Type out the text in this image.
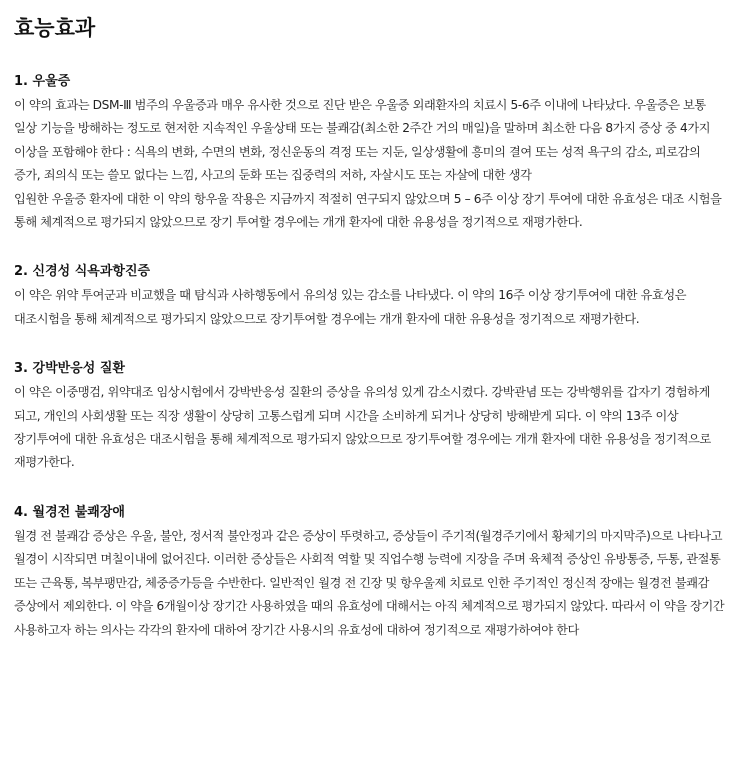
효능효과
1. 우울증

이 약의 효과는 DSM-Ⅲ 범주의 우울증과 매우 유사한 것으로 진단 받은 우울증 외래환자의 치료시 5-6주 이내에 나타났다. 우울증은 보통 일상 기능을 방해하는 정도로 현저한 지속적인 우울상태 또는 불쾌감(최소한 2주간 거의 매일)을 말하며 최소한 다음 8가지 증상 중 4가지 이상을 포함해야 한다 : 식욕의 변화, 수면의 변화, 정신운동의 격정 또는 지둔, 일상생활에 흥미의 결여 또는 성적 욕구의 감소, 피로감의 증가, 죄의식 또는 쓸모 없다는 느낌, 사고의 둔화 또는 집중력의 저하, 자살시도 또는 자살에 대한 생각

입원한 우울증 환자에 대한 이 약의 항우울 작용은 지금까지 적절히 연구되지 않았으며 5 – 6주 이상 장기 투여에 대한 유효성은 대조 시험을 통해 체계적으로 평가되지 않았으므로 장기 투여할 경우에는 개개 환자에 대한 유용성을 정기적으로 재평가한다.

2. 신경성 식욕과항진증

이 약은 위약 투여군과 비교했을 때 탐식과 사하행동에서 유의성 있는 감소를 나타냈다. 이 약의 16주 이상 장기투여에 대한 유효성은 대조시험을 통해 체계적으로 평가되지 않았으므로 장기투여할 경우에는 개개 환자에 대한 유용성을 정기적으로 재평가한다.

3. 강박반응성 질환

이 약은 이중맹검, 위약대조 임상시험에서 강박반응성 질환의 증상을 유의성 있게 감소시켰다. 강박관념 또는 강박행위를 갑자기 경험하게 되고, 개인의 사회생활 또는 직장 생활이 상당히 고통스럽게 되며 시간을 소비하게 되거나 상당히 방해받게 되다. 이 약의 13주 이상 장기투여에 대한 유효성은 대조시험을 통해 체계적으로 평가되지 않았으므로 장기투여할 경우에는 개개 환자에 대한 유용성을 정기적으로 재평가한다.

4. 월경전 불쾌장애

월경 전 불쾌감 증상은 우울, 불안, 정서적 불안정과 같은 증상이 뚜렷하고, 증상들이 주기적(월경주기에서 황체기의 마지막주)으로 나타나고 월경이 시작되면 며칠이내에 없어진다. 이러한 증상들은 사회적 역할 및 직업수행 능력에 지장을 주며 육체적 증상인 유방통증, 두통, 관절통 또는 근육통, 복부팽만감, 체중증가등을 수반한다. 일반적인 월경 전 긴장 및 항우울제 치료로 인한 주기적인 정신적 장애는 월경전 불쾌감 증상에서 제외한다. 이 약을 6개월이상 장기간 사용하였을 때의 유효성에 대해서는 아직 체계적으로 평가되지 않았다. 따라서 이 약을 장기간 사용하고자 하는 의사는 각각의 환자에 대하여 장기간 사용시의 유효성에 대하여 정기적으로 재평가하여야 한다
